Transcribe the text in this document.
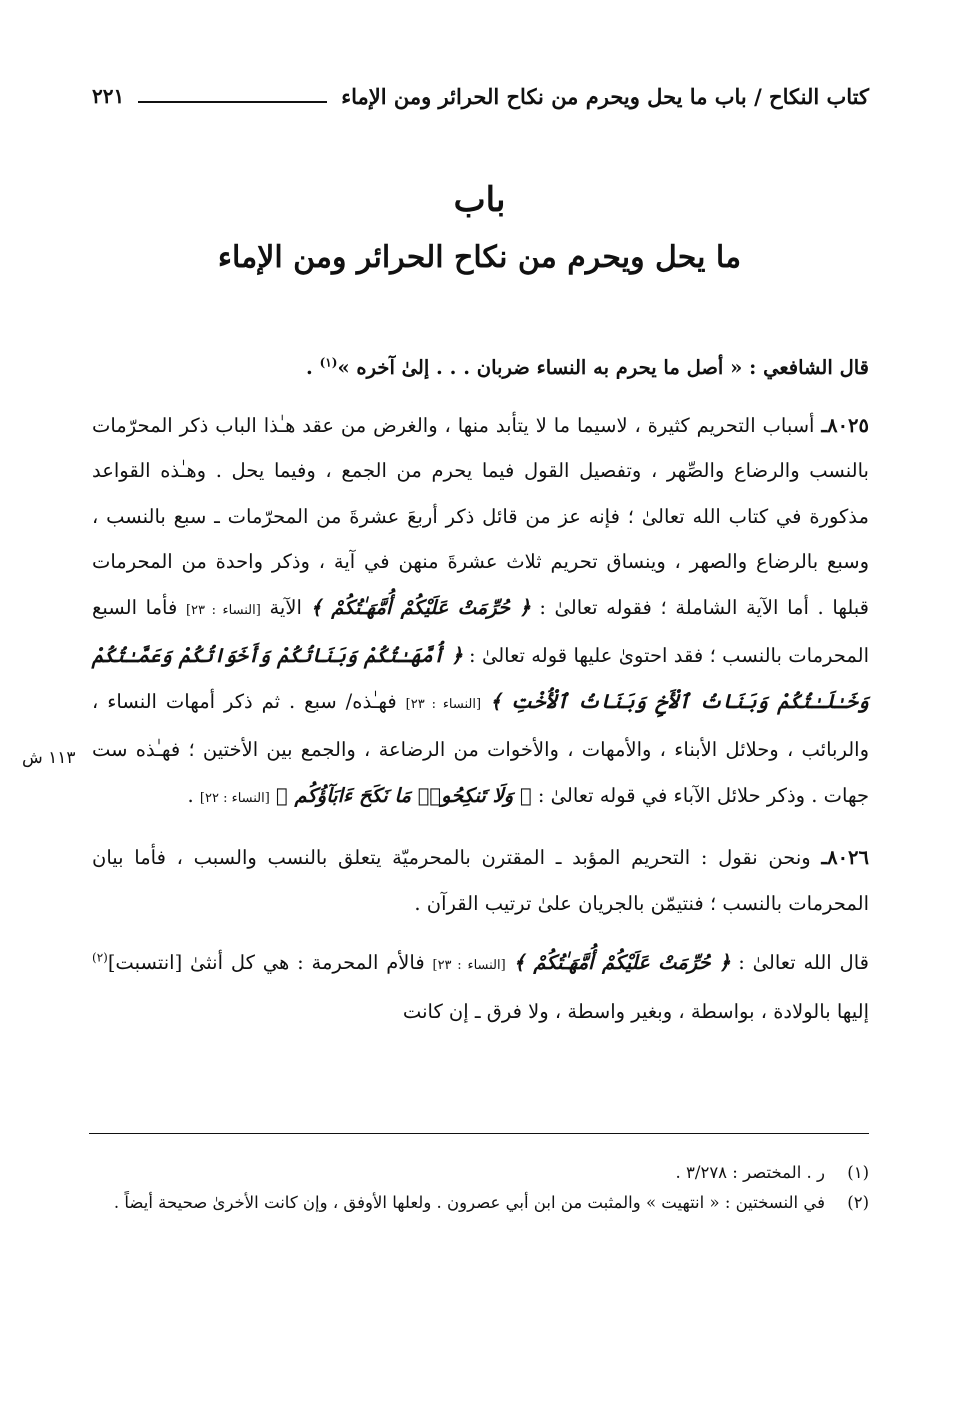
كتاب النكاح / باب ما يحل ويحرم من نكاح الحرائر ومن الإماء
٢٢١
باب
ما يحل ويحرم من نكاح الحرائر ومن الإماء

قال الشافعي : « أصل ما يحرم به النساء ضربان . . . إلىٰ آخره »$^{(١)}$ .

٨٠٢٥ـ أسباب التحريم كثيرة ، لاسيما ما لا يتأبد منها ، والغرض من عقد هـٰذا الباب ذكر المحرّمات بالنسب والرضاع والصِّهر ، وتفصيل القول فيما يحرم من الجمع ، وفيما يحل . وهـٰذه القواعد مذكورة في كتاب الله تعالىٰ ؛ فإنه عز من قائل ذكر أربعَ عشرةَ من المحرّمات ـ سبع بالنسب ، وسبع بالرضاع والصهر ، وينساق تحريم ثلاث عشرةَ منهن في آية ، وذكر واحدة من المحرمات قبلها . أما الآية الشاملة ؛ فقوله تعالىٰ : ﴿ حُرِّمَتْ عَلَيْكُمْ أُمَّهَـٰتُكُمْ ﴾ الآية [النساء : ٢٣] فأما السبع المحرمات بالنسب ؛ فقد احتوىٰ عليها قوله تعالىٰ : ﴿ أُمَّهَـٰتُكُمْ وَبَنَاتُكُمْ وَأَخَوَاتُكُمْ وَعَمَّـٰتُكُمْ وَخَـٰلَـٰتُكُمْ وَبَنَاتُ ٱلْأَخِ وَبَنَاتُ ٱلْأُخْتِ ﴾ [النساء : ٢٣] فهـٰذه/ سبع . ثم ذكر أمهات النساء ، والربائب ، وحلائل الأبناء ، والأمهات ، والأخوات من الرضاعة ، والجمع بين الأختين ؛ فهـٰذه ست جهات . وذكر حلائل الآباء في قوله تعالىٰ : ﴿ وَلَا تَنكِحُوا۟ مَا نَكَحَ ءَابَآؤُكُم ﴾ [النساء : ٢٢] .

٨٠٢٦ـ ونحن نقول : التحريم المؤبد ـ المقترن بالمحرميّة يتعلق بالنسب والسبب ، فأما بيان المحرمات بالنسب ؛ فنتيمّن بالجريان علىٰ ترتيب القرآن .

قال الله تعالىٰ : ﴿ حُرِّمَتْ عَلَيْكُمْ أُمَّهَـٰتُكُمْ ﴾ [النساء : ٢٣] فالأم المحرمة : هي كل أنثىٰ [انتسبت]$^{(٢)}$ إليها بالولادة ، بواسطة ، وبغير واسطة ، ولا فرق ـ إن كانت

١١٣ ش
(١)
ر . المختصر : ٣/٢٧٨ .
(٢)
في النسختين : « انتهيت » والمثبت من ابن أبي عصرون . ولعلها الأوفق ، وإن كانت الأخرىٰ صحيحة أيضاً .
